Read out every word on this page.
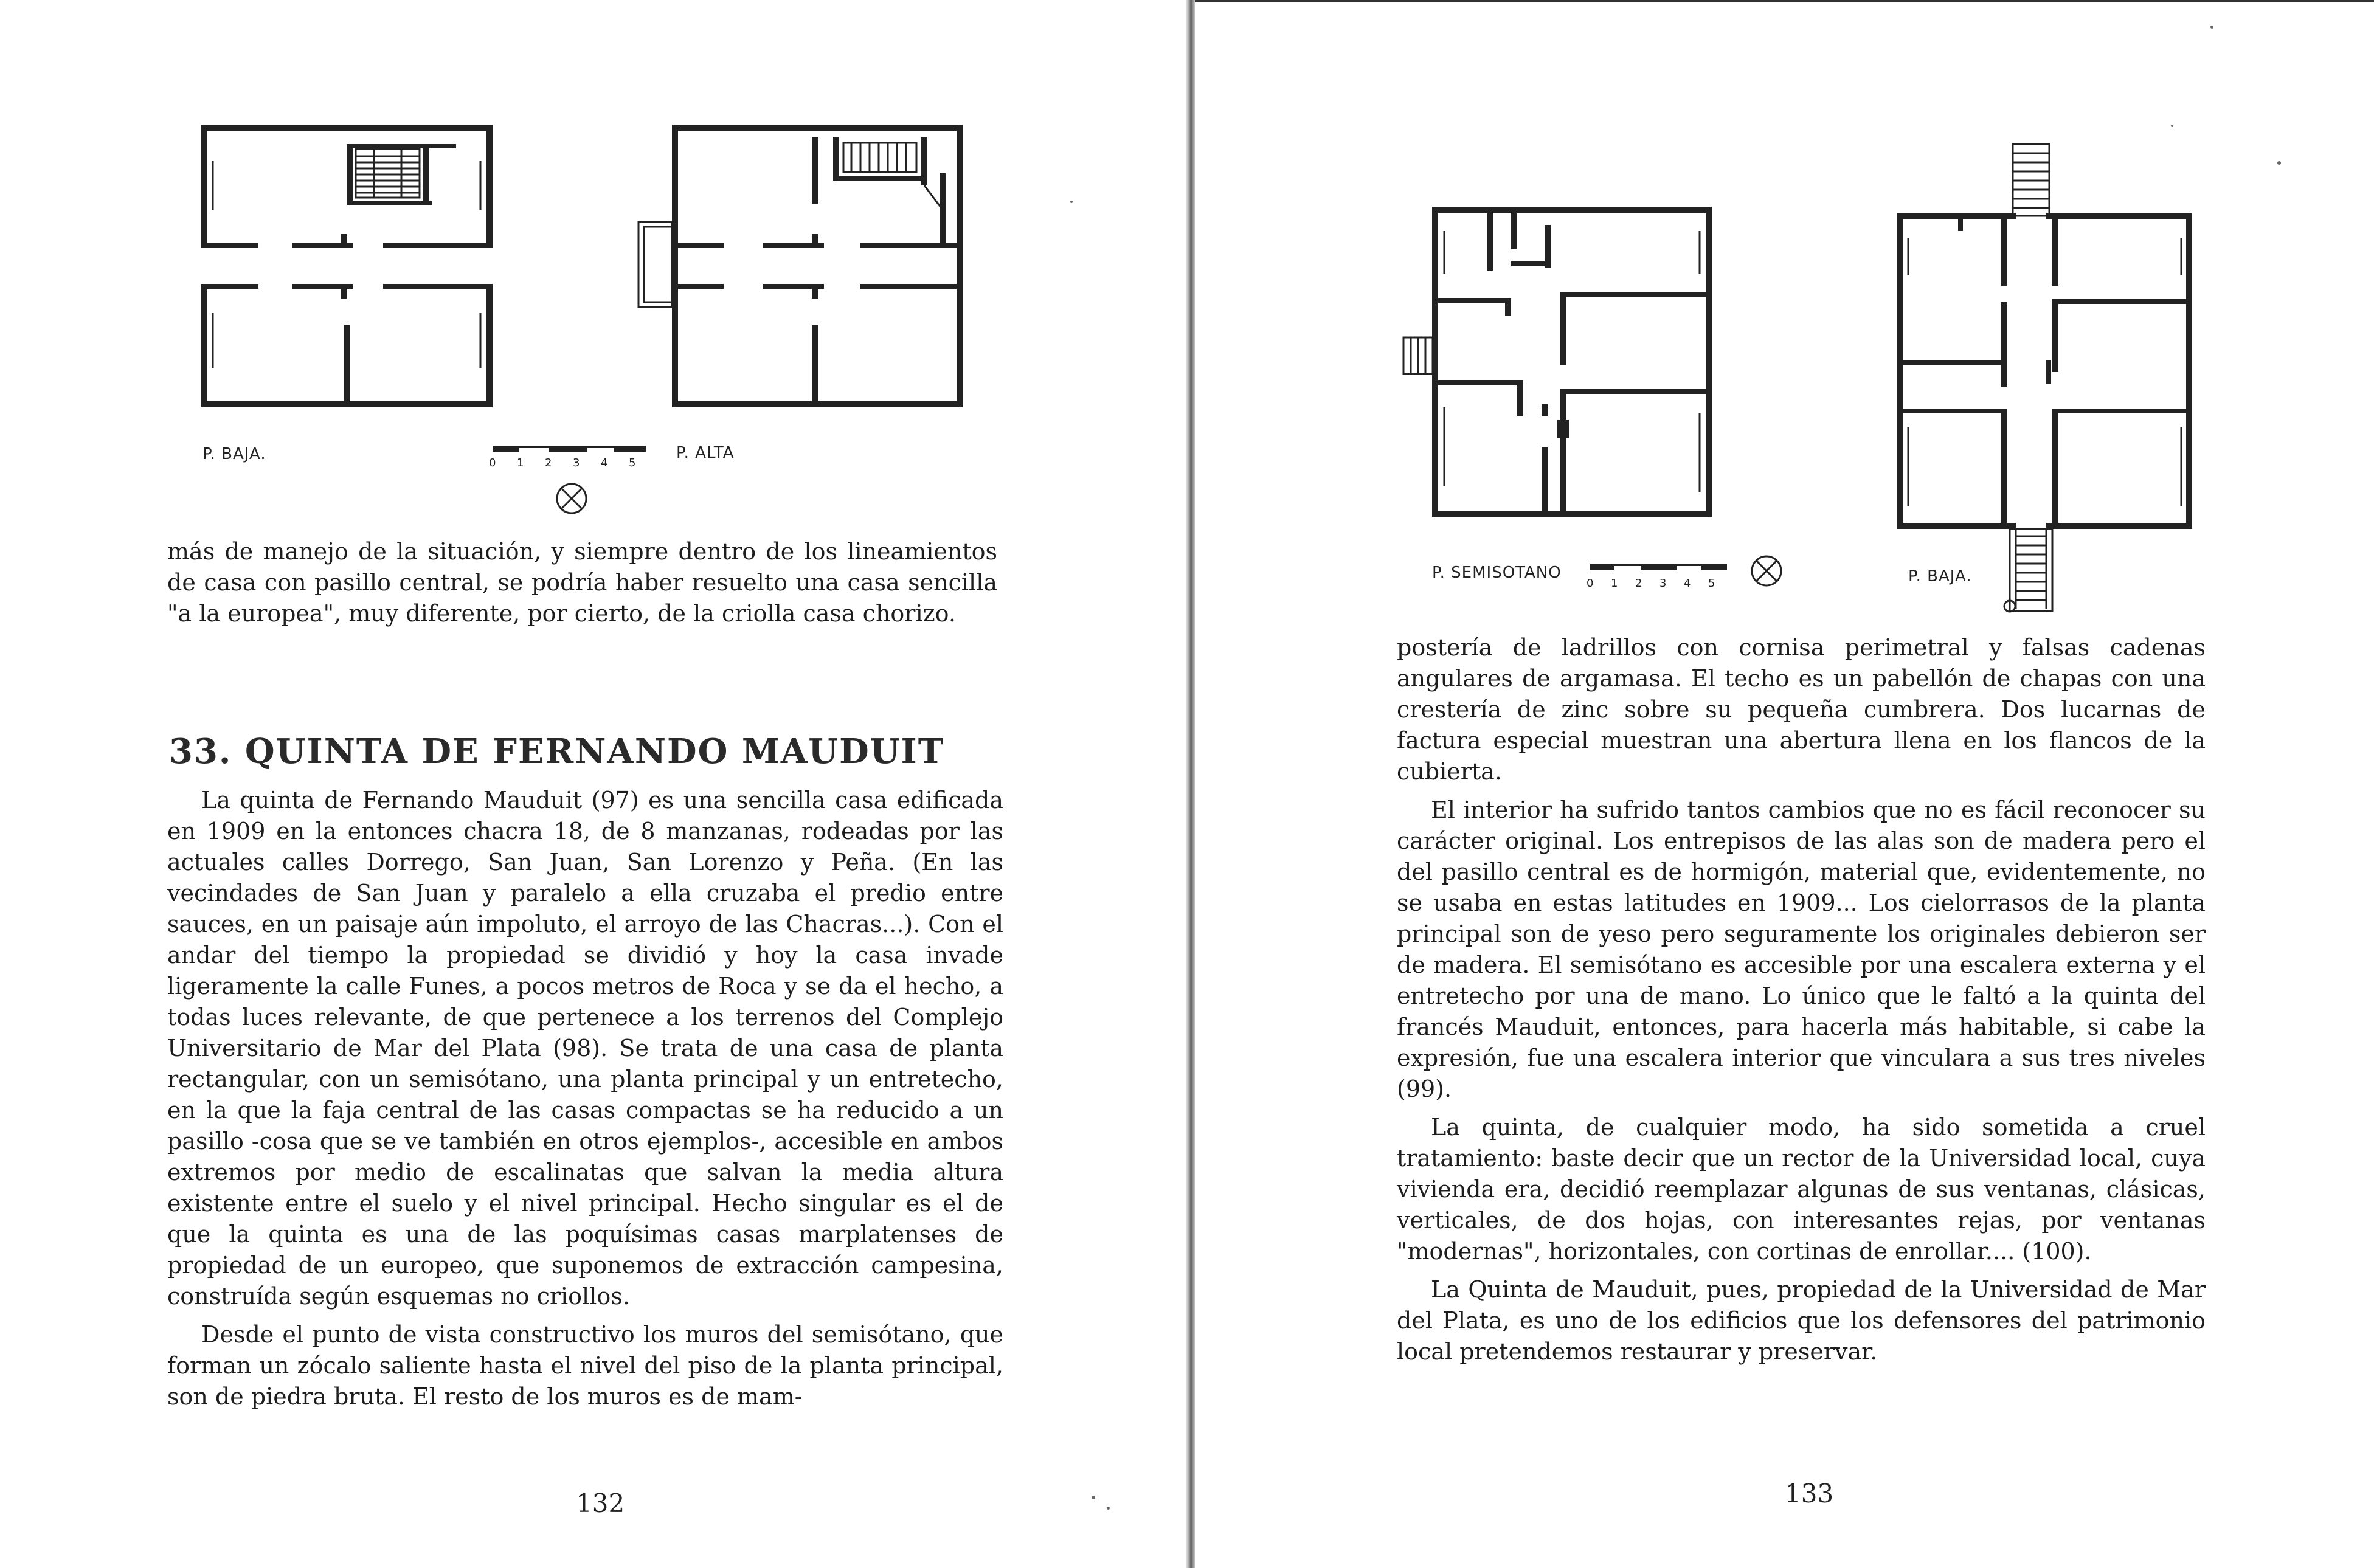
P. BAJA.	P. ALTA
0 1 2 3 4 5

más de manejo de la situación, y siempre dentro de los lineamientos de casa con pasillo central, se podría haber resuelto una casa sencilla "a la europea", muy diferente, por cierto, de la criolla casa chorizo.

33. QUINTA DE FERNANDO MAUDUIT

La quinta de Fernando Mauduit (97) es una sencilla casa edificada en 1909 en la entonces chacra 18, de 8 manzanas, rodeadas por las actuales calles Dorrego, San Juan, San Lorenzo y Peña. (En las vecindades de San Juan y paralelo a ella cruzaba el predio entre sauces, en un paisaje aún impoluto, el arroyo de las Chacras...). Con el andar del tiempo la propiedad se dividió y hoy la casa invade ligeramente la calle Funes, a pocos metros de Roca y se da el hecho, a todas luces relevante, de que pertenece a los terrenos del Complejo Universitario de Mar del Plata (98). Se trata de una casa de planta rectangular, con un semisótano, una planta principal y un entretecho, en la que la faja central de las casas compactas se ha reducido a un pasillo -cosa que se ve también en otros ejemplos-, accesible en ambos extremos por medio de escalinatas que salvan la media altura existente entre el suelo y el nivel principal. Hecho singular es el de que la quinta es una de las poquísimas casas marplatenses de propiedad de un europeo, que suponemos de extracción campesina, construída según esquemas no criollos.

Desde el punto de vista constructivo los muros del semisótano, que forman un zócalo saliente hasta el nivel del piso de la planta principal, son de piedra bruta. El resto de los muros es de mam-

132
P. SEMISOTANO	P. BAJA.
0 1 2 3 4 5

postería de ladrillos con cornisa perimetral y falsas cadenas angulares de argamasa. El techo es un pabellón de chapas con una crestería de zinc sobre su pequeña cumbrera. Dos lucarnas de factura especial muestran una abertura llena en los flancos de la cubierta.

El interior ha sufrido tantos cambios que no es fácil reconocer su carácter original. Los entrepisos de las alas son de madera pero el del pasillo central es de hormigón, material que, evidentemente, no se usaba en estas latitudes en 1909... Los cielorrasos de la planta principal son de yeso pero seguramente los originales debieron ser de madera. El semisótano es accesible por una escalera externa y el entretecho por una de mano. Lo único que le faltó a la quinta del francés Mauduit, entonces, para hacerla más habitable, si cabe la expresión, fue una escalera interior que vinculara a sus tres niveles (99).

La quinta, de cualquier modo, ha sido sometida a cruel tratamiento: baste decir que un rector de la Universidad local, cuya vivienda era, decidió reemplazar algunas de sus ventanas, clásicas, verticales, de dos hojas, con interesantes rejas, por ventanas "modernas", horizontales, con cortinas de enrollar.... (100).

La Quinta de Mauduit, pues, propiedad de la Universidad de Mar del Plata, es uno de los edificios que los defensores del patrimonio local pretendemos restaurar y preservar.

133
